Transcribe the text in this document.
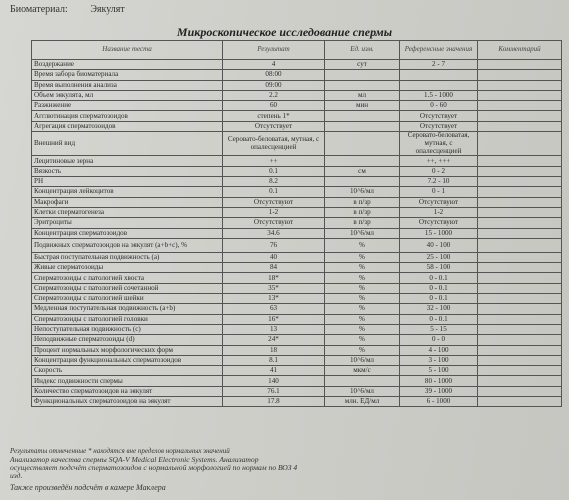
Биоматериал: Эякулят
Микроскопическое исследование спермы
Название теста	Результат	Ед. изм.	Референсные значения	Комментарий
Воздержание	4	сут	2 - 7	
Время забора биоматериала	08:00			
Время выполнения анализа	09:00			
Объем эякулята, мл	2.2	мл	1.5 - 1000	
Разжижение	60	мин	0 - 60	
Агглютинация сперматозоидов	степень 1*		Отсутствует	
Агрегация сперматозоидов	Отсутствует		Отсутствует	
Внешний вид	Серовато-беловатая, мутная, с опалесценцией		Серовато-беловатая, мутная, с опалесценцией	
Лецитиновые зерна	++		++, +++	
Вязкость	0.1	см	0 - 2	
PH	8.2		7.2 - 10	
Концентрация лейкоцитов	0.1	10^6/мл	0 - 1	
Макрофаги	Отсутствуют	в п/зр	Отсутствуют	
Клетки сперматогенеза	1-2	в п/зр	1-2	
Эритроциты	Отсутствуют	в п/зр	Отсутствуют	
Концентрация сперматозоидов	34.6	10^6/мл	15 - 1000	
Подвижных сперматозоидов на эякулят (a+b+c), %	76	%	40 - 100	
Быстрая поступательная подвижность (a)	40	%	25 - 100	
Живые сперматозоиды	84	%	58 - 100	
Сперматозоиды с патологией хвоста	18*	%	0 - 0.1	
Сперматозоиды с патологией сочетанной	35*	%	0 - 0.1	
Сперматозоиды с патологией шейки	13*	%	0 - 0.1	
Медленная поступательная подвижность (a+b)	63	%	32 - 100	
Сперматозоиды с патологией головки	16*	%	0 - 0.1	
Непоступательная подвижность (c)	13	%	5 - 15	
Неподвижные сперматозоиды (d)	24*	%	0 - 0	
Процент нормальных морфологических форм	18	%	4 - 100	
Концентрация функциональных сперматозоидов	8.1	10^6/мл	3 - 100	
Скорость	41	мкм/с	5 - 100	
Индекс подвижности спермы	140		80 - 1000	
Количество сперматозоидов на эякулят	76.1	10^6/мл	39 - 1000	
Функциональных сперматозоидов на эякулят	17.8	млн. ЕД/мл	6 - 1000	

Результаты отмеченные * находятся вне пределов нормальных значений

Анализатор качества спермы SQA-V Medical Electronic Systems. Анализатор

осуществляет подсчёт сперматозоидов с нормальной морфологией по нормам по ВОЗ 4

изд.

Также произведён подсчёт в камере Маклера
